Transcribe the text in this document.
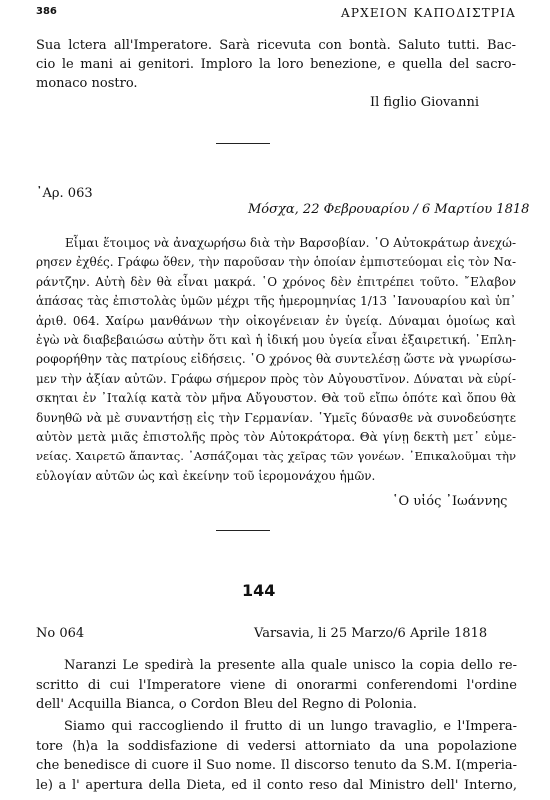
386	ΑΡΧΕΙΟΝ ΚΑΠΟΔΙΣΤΡΙΑ
Sua lctera all'Imperatore. Sarà ricevuta con bontà. Saluto tutti. Bac-
cio le mani ai genitori. Imploro la loro benezione, e quella del sacro-
monaco nostro.
Il figlio Giovanni
᾿Αρ. 063
Μόσχα, 22 Φεβρουαρίου / 6 Μαρτίου 1818
Εἶμαι ἕτοιμος νὰ ἀναχωρήσω διὰ τὴν Βαρσοβίαν. ῾Ο Αὐτοκράτωρ ἀνεχώ-
ρησεν ἐχθές. Γράφω ὅθεν, τὴν παροῦσαν τὴν ὁποίαν ἐμπιστεύομαι εἰς τὸν Να-
ράντζην. Αὐτὴ δὲν θὰ εἶναι μακρά. ῾Ο χρόνος δὲν ἐπιτρέπει τοῦτο. ῎Ελαβον
ἁπάσας τὰς ἐπιστολὰς ὑμῶν μέχρι τῆς ἡμερομηνίας 1/13 ᾿Ιανουαρίου καὶ ὑπ᾿
ἀριθ. 064. Χαίρω μανθάνων τὴν οἰκογένειαν ἐν ὑγείᾳ. Δύναμαι ὁμοίως καὶ
ἐγὼ νὰ διαβεβαιώσω αὐτὴν ὅτι καὶ ἡ ἰδική μου ὑγεία εἶναι ἐξαιρετική. ᾿Επλη-
ροφορήθην τὰς πατρίους εἰδήσεις. ῾Ο χρόνος θὰ συντελέσῃ ὥστε νὰ γνωρίσω-
μεν τὴν ἀξίαν αὐτῶν. Γράφω σήμερον πρὸς τὸν Αὐγουστῖνον. Δύναται νὰ εὑρί-
σκηται ἐν ᾿Ιταλίᾳ κατὰ τὸν μῆνα Αὔγουστον. Θὰ τοῦ εἴπω ὁπότε καὶ ὅπου θὰ
δυνηθῶ νὰ μὲ συναντήσῃ εἰς τὴν Γερμανίαν. ῾Υμεῖς δύνασθε νὰ συνοδεύσητε
αὐτὸν μετὰ μιᾶς ἐπιστολῆς πρὸς τὸν Αὐτοκράτορα. Θὰ γίνῃ δεκτὴ μετ᾿ εὐμε-
νείας. Χαιρετῶ ἅπαντας. ᾿Ασπάζομαι τὰς χεῖρας τῶν γονέων. ᾿Επικαλοῦμαι τὴν
εὐλογίαν αὐτῶν ὡς καὶ ἐκείνην τοῦ ἱερομονάχου ἡμῶν.
῾Ο υἱός ᾿Ιωάννης
144
No 064	Varsavia, li 25 Marzo/6 Aprile 1818
Naranzi Le spedirà la presente alla quale unisco la copia dello re-
scritto di cui l'Imperatore viene di onorarmi conferendomi l'ordine
dell' Acquilla Bianca, o Cordon Bleu del Regno di Polonia.
Siamo qui raccogliendo il frutto di un lungo travaglio, e l'Impera-
tore ⟨h⟩a la soddisfazione di vedersi attorniato da una popolazione
che benedisce di cuore il Suo nome. Il discorso tenuto da S.M. I(mperia-
le) a l' apertura della Dieta, ed il conto reso dal Ministro dell' Interno,
